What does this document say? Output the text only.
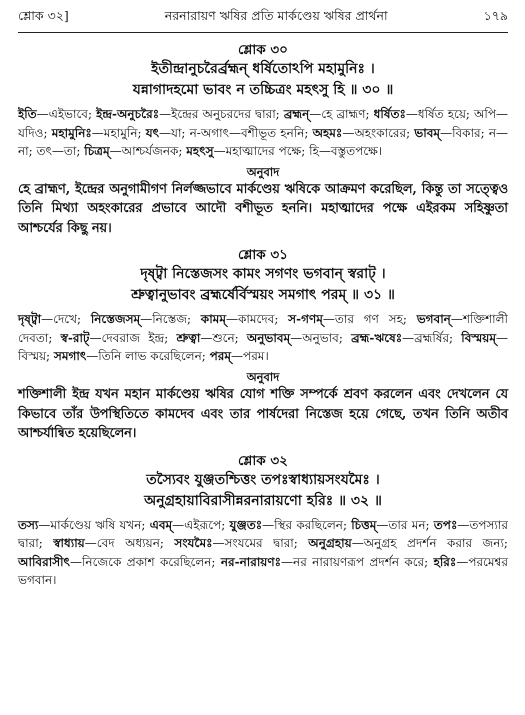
শ্লোক ৩২]	নরনারায়ণ ঋষির প্রতি মার্কণ্ডেয় ঋষির প্রার্থনা	১৭৯
শ্লোক ৩০
ইতীন্দ্রানুচরৈর্ব্রহ্মন্‌ ধর্ষিতোঽপি মহামুনিঃ ।
যন্নাগাদহমো ভাবং ন তচ্চিত্রং মহৎসু হি ॥ ৩০ ॥
ইতি—এইভাবে; ইন্দ্র-অনুচরৈঃ—ইন্দ্রের অনুচরদের দ্বারা; ব্রহ্মন্—হে ব্রাহ্মণ; ধর্ষিতঃ—ধর্ষিত হয়ে; অপি—যদিও; মহামুনিঃ—মহামুনি; যৎ—যা; ন-অগাৎ—বশীভূত হননি; অহমঃ—অহংকারের; ভাবম্—বিকার; ন—না; তৎ—তা; চিত্রম্—আশ্চর্যজনক; মহৎসু—মহাত্মাদের পক্ষে; হি—বস্তুতপক্ষে।
অনুবাদ
হে ব্রাহ্মণ, ইন্দ্রের অনুগামীগণ নির্লজ্জভাবে মার্কণ্ডেয় ঋষিকে আক্রমণ করেছিল, কিন্তু তা সত্ত্বেও তিনি মিথ্যা অহংকারের প্রভাবে আদৌ বশীভূত হননি। মহাত্মাদের পক্ষে এইরকম সহিষ্ণুতা আশ্চর্যের কিছু নয়।
শ্লোক ৩১
দৃষ্ট্বা নিস্তেজসং কামং সগণং ভগবান্ স্বরাট্ ।
শ্রুত্বানুভাবং ব্রহ্মর্ষের্বিস্ময়ং সমগাৎ পরম্ ॥ ৩১ ॥
দৃষ্ট্বা—দেখে; নিস্তেজসম্—নিস্তেজ; কামম্—কামদেব; স-গণম্—তার গণ সহ; ভগবান্—শক্তিশালী দেবতা; স্ব-রাট্—দেবরাজ ইন্দ্র; শ্রুত্বা—শুনে; অনুভাবম্—অনুভাব; ব্রহ্ম-ঋষেঃ—ব্রহ্মর্ষির; বিস্ময়ম্—বিস্ময়; সমগাৎ—তিনি লাভ করেছিলেন; পরম্—পরম।
অনুবাদ
শক্তিশালী ইন্দ্র যখন মহান মার্কণ্ডেয় ঋষির যোগ শক্তি সম্পর্কে শ্রবণ করলেন এবং দেখলেন যে কিভাবে তাঁর উপস্থিতিতে কামদেব এবং তার পার্ষদেরা নিস্তেজ হয়ে গেছে, তখন তিনি অতীব আশ্চর্যান্বিত হয়েছিলেন।
শ্লোক ৩২
তস্যৈবং যুঞ্জতশ্চিত্তং তপঃস্বাধ্যায়সংযমৈঃ ।
অনুগ্রহায়াবিরাসীন্নরনারায়ণো হরিঃ ॥ ৩২ ॥
তস্য—মার্কণ্ডেয় ঋষি যখন; এবম্—এইরূপে; যুঞ্জতঃ—স্থির করছিলেন; চিত্তম্—তার মন; তপঃ—তপস্যার দ্বারা; স্বাধ্যায়—বেদ অধ্যয়ন; সংযমৈঃ—সংযমের দ্বারা; অনুগ্রহায়—অনুগ্রহ প্রদর্শন করার জন্য; আবিরাসীৎ—নিজেকে প্রকাশ করেছিলেন; নর-নারায়ণঃ—নর নারায়ণরূপ প্রদর্শন করে; হরিঃ—পরমেশ্বর ভগবান।
